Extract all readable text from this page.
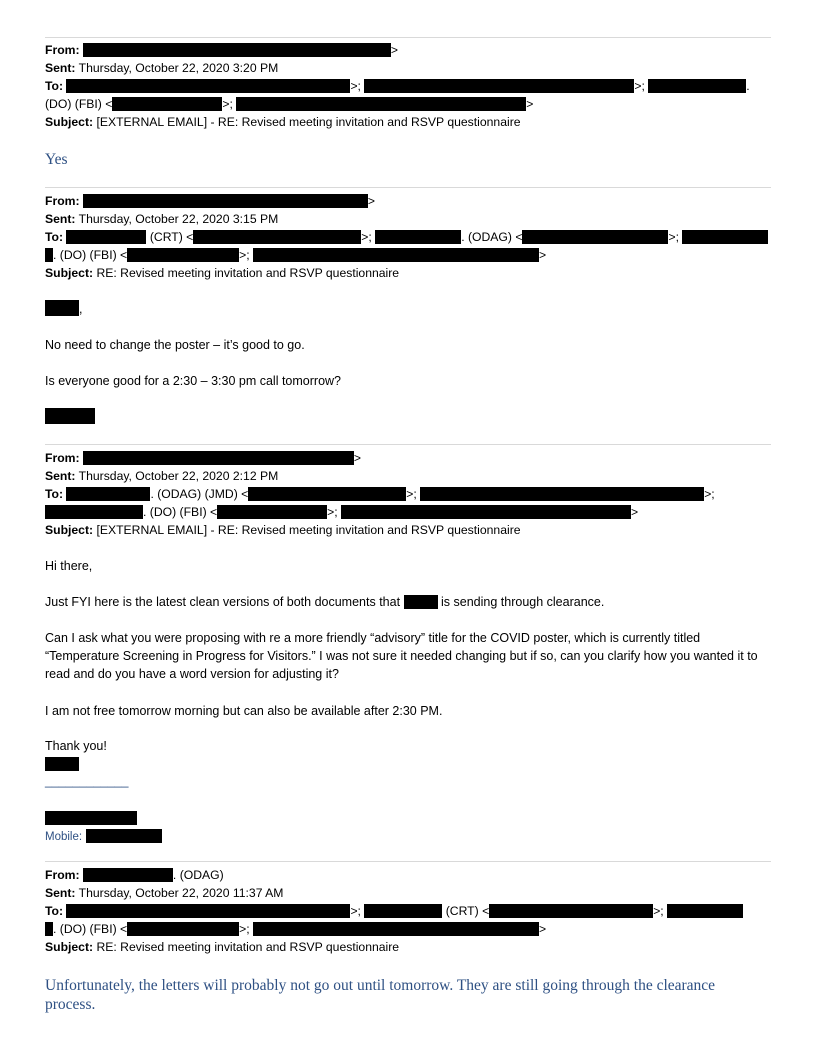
From:	>
Sent: Thursday, October 22, 2020 3:20 PM
To:	>;	>;	.
(DO) (FBI) <	>;	>
Subject: [EXTERNAL EMAIL] - RE: Revised meeting invitation and RSVP questionnaire
Yes
From:	>
Sent: Thursday, October 22, 2020 3:15 PM
To:	(CRT) <	>;	. (ODAG) <	>;
. (DO) (FBI) <	>;	>
Subject: RE: Revised meeting invitation and RSVP questionnaire
,
No need to change the poster – it’s good to go.
Is everyone good for a 2:30 – 3:30 pm call tomorrow?
From:	>
Sent: Thursday, October 22, 2020 2:12 PM
To:	. (ODAG) (JMD) <	>;	>;
. (DO) (FBI) <	>;	>
Subject: [EXTERNAL EMAIL] - RE: Revised meeting invitation and RSVP questionnaire
Hi there,
Just FYI here is the latest clean versions of both documents that	is sending through clearance.
Can I ask what you were proposing with re a more friendly “advisory” title for the COVID poster, which is currently titled “Temperature Screening in Progress for Visitors.” I was not sure it needed changing but if so, can you clarify how you wanted it to read and do you have a word version for adjusting it?
I am not free tomorrow morning but can also be available after 2:30 PM.
Thank you!
____________
Mobile:
From:	. (ODAG)
Sent: Thursday, October 22, 2020 11:37 AM
To:	>;	(CRT) <	>;
. (DO) (FBI) <	>;	>
Subject: RE: Revised meeting invitation and RSVP questionnaire
Unfortunately, the letters will probably not go out until tomorrow. They are still going through the clearance process.
